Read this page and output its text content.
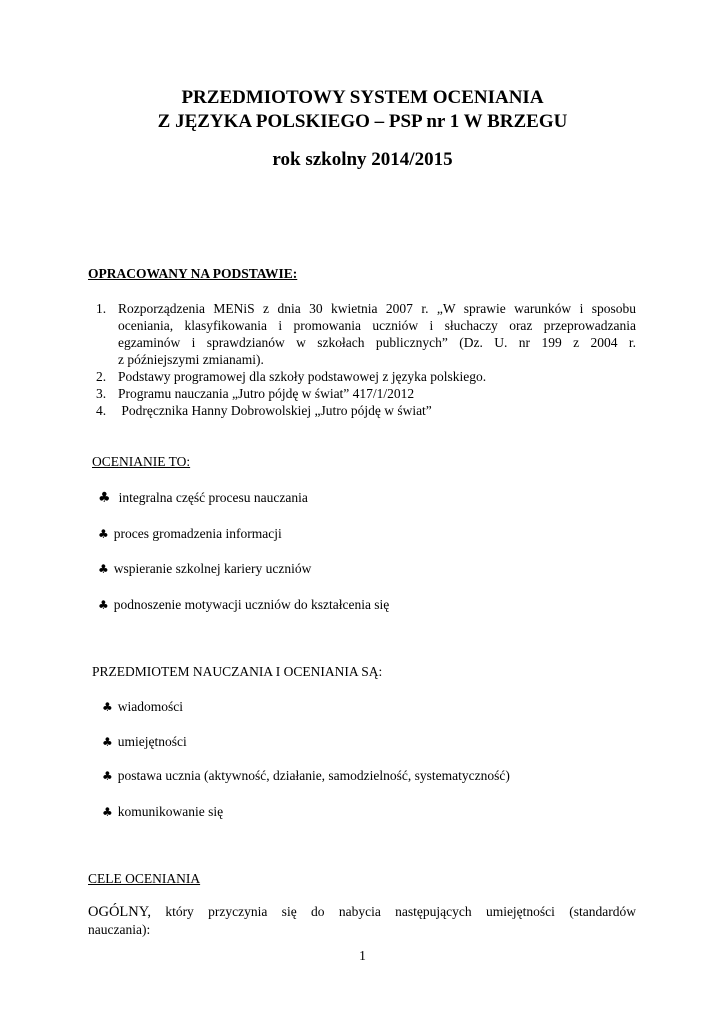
PRZEDMIOTOWY SYSTEM OCENIANIA
Z JĘZYKA POLSKIEGO – PSP nr 1 W BRZEGU
rok szkolny 2014/2015
OPRACOWANY NA PODSTAWIE:
1. Rozporządzenia MENiS z dnia 30 kwietnia 2007 r. „W sprawie warunków i sposobu
oceniania, klasyfikowania i promowania uczniów i słuchaczy oraz przeprowadzania
egzaminów i sprawdzianów w szkołach publicznych” (Dz. U. nr 199 z 2004 r.
z późniejszymi zmianami).
2. Podstawy programowej dla szkoły podstawowej z języka polskiego.
3. Programu nauczania „Jutro pójdę w świat” 417/1/2012
4. Podręcznika Hanny Dobrowolskiej „Jutro pójdę w świat”
OCENIANIE TO:
♣ integralna część procesu nauczania
♣ proces gromadzenia informacji
♣ wspieranie szkolnej kariery uczniów
♣ podnoszenie motywacji uczniów do kształcenia się
PRZEDMIOTEM NAUCZANIA I OCENIANIA SĄ:
♣ wiadomości
♣ umiejętności
♣ postawa ucznia (aktywność, działanie, samodzielność, systematyczność)
♣ komunikowanie się
CELE OCENIANIA
OGÓLNY, który przyczynia się do nabycia następujących umiejętności (standardów
nauczania):
1
